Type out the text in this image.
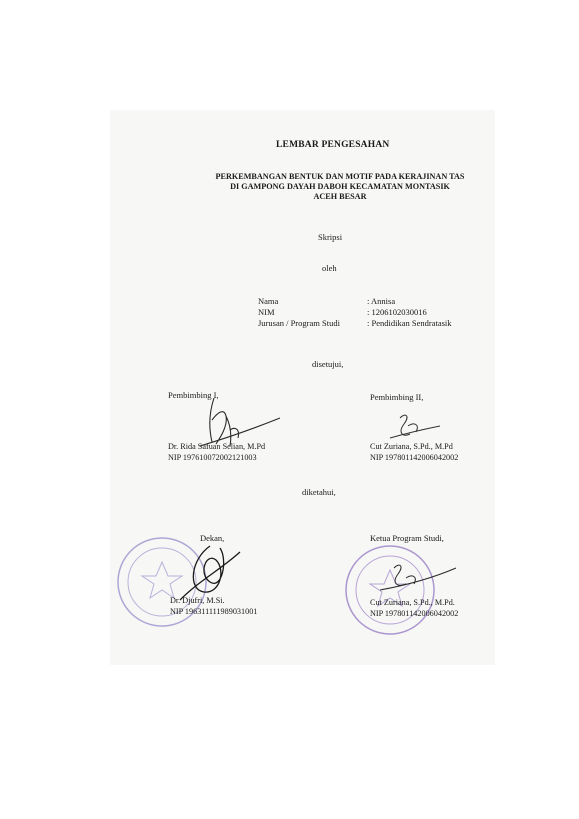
LEMBAR PENGESAHAN
PERKEMBANGAN BENTUK DAN MOTIF PADA KERAJINAN TAS
DI GAMPONG DAYAH DABOH KECAMATAN MONTASIK
ACEH BESAR
Skripsi
oleh
Nama	: Annisa
NIM	: 1206102030016
Jurusan / Program Studi	: Pendidikan Sendratasik
disetujui,
Pembimbing I,
Dr. Rida Safuan Selian, M.Pd
NIP 197610072002121003
Pembimbing II,
Cut Zuriana, S.Pd., M.Pd
NIP 197801142006042002
diketahui,
Dekan,
Dr. Djufri, M.Si.
NIP 196311111989031001
Ketua Program Studi,
Cut Zuriana, S.Pd., M.Pd.
NIP 197801142006042002
